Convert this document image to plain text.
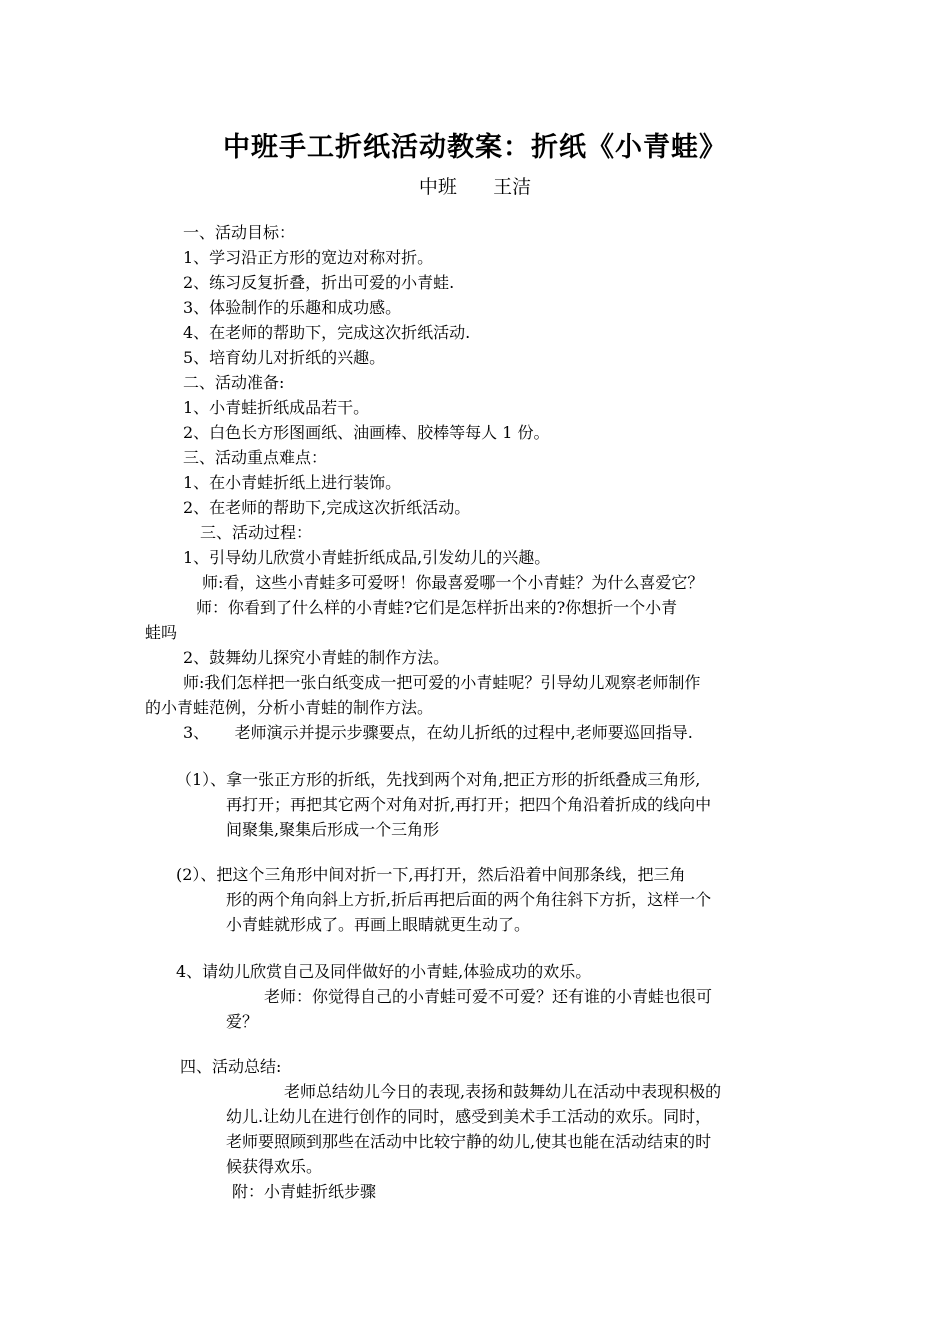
中班手工折纸活动教案：折纸《小青蛙》
中班      王洁
一、活动目标：
1、学习沿正方形的宽边对称对折。
2、练习反复折叠，折出可爱的小青蛙.
3、体验制作的乐趣和成功感。
4、在老师的帮助下，完成这次折纸活动.
5、培育幼儿对折纸的兴趣。
二、活动准备:
1、小青蛙折纸成品若干。
2、白色长方形图画纸、油画棒、胶棒等每人 1 份。
三、活动重点难点：
1、在小青蛙折纸上进行装饰。
2、在老师的帮助下,完成这次折纸活动。
三、活动过程：
1、引导幼儿欣赏小青蛙折纸成品,引发幼儿的兴趣。
师:看，这些小青蛙多可爱呀！你最喜爱哪一个小青蛙？为什么喜爱它？
师：你看到了什么样的小青蛙?它们是怎样折出来的?你想折一个小青
蛙吗
2、鼓舞幼儿探究小青蛙的制作方法。
师:我们怎样把一张白纸变成一把可爱的小青蛙呢？引导幼儿观察老师制作
的小青蛙范例，分析小青蛙的制作方法。
3、     老师演示并提示步骤要点，在幼儿折纸的过程中,老师要巡回指导.
（1）、拿一张正方形的折纸，先找到两个对角,把正方形的折纸叠成三角形,
再打开；再把其它两个对角对折,再打开；把四个角沿着折成的线向中
间聚集,聚集后形成一个三角形
(2）、把这个三角形中间对折一下,再打开，然后沿着中间那条线，把三角
形的两个角向斜上方折,折后再把后面的两个角往斜下方折，这样一个
小青蛙就形成了。再画上眼睛就更生动了。
4、请幼儿欣赏自己及同伴做好的小青蛙,体验成功的欢乐。
老师：你觉得自己的小青蛙可爱不可爱？还有谁的小青蛙也很可
爱？
四、活动总结:
老师总结幼儿今日的表现,表扬和鼓舞幼儿在活动中表现积极的
幼儿.让幼儿在进行创作的同时，感受到美术手工活动的欢乐。同时，
老师要照顾到那些在活动中比较宁静的幼儿,使其也能在活动结束的时
候获得欢乐。
附：小青蛙折纸步骤
